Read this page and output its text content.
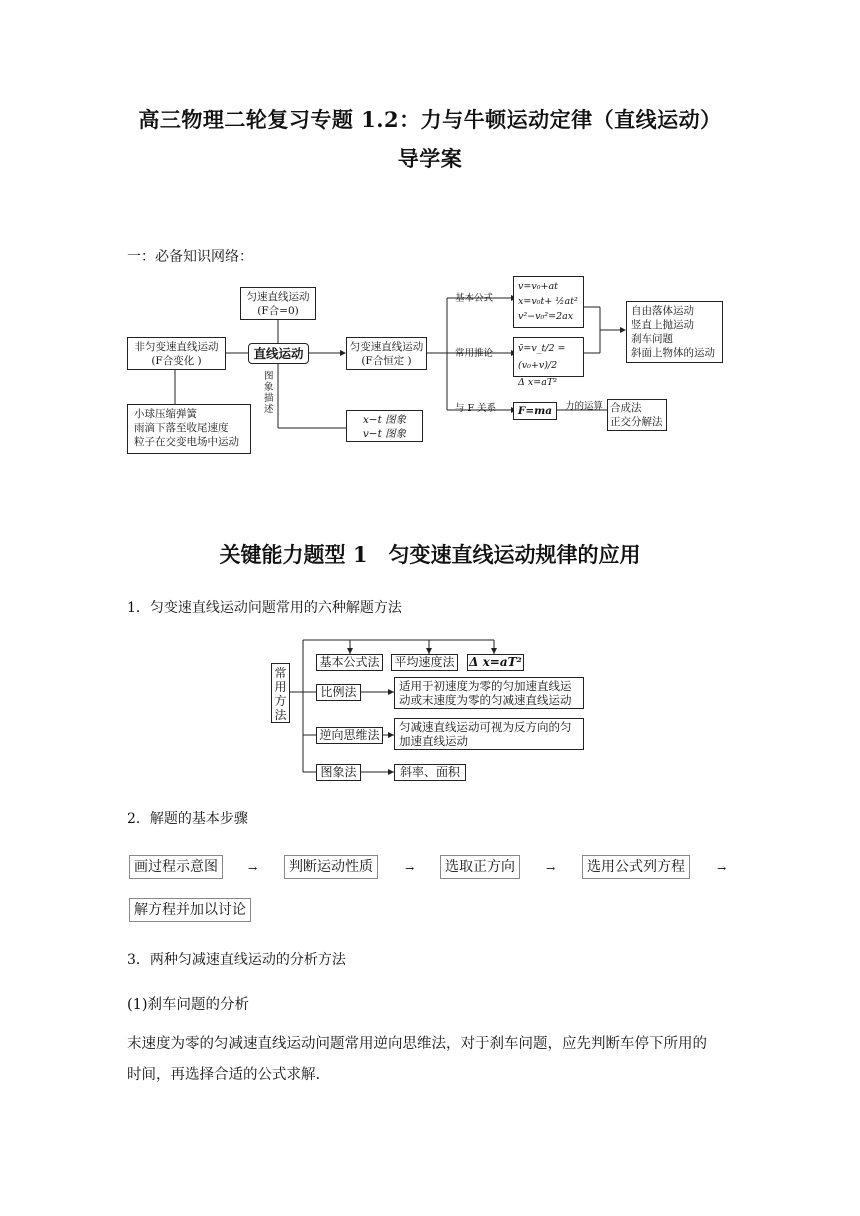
高三物理二轮复习专题 1.2：力与牛顿运动定律（直线运动）
导学案
一：必备知识网络：
匀速直线运动
(F合=0)
非匀变速直线运动
(F合变化 )	直线运动	匀变速直线运动
(F合恒定 )
小球压缩弹簧
雨滴下落至收尾速度
粒子在交变电场中运动
图
象
描
述
x−t 图象
v−t 图象
基本公式
v=v₀+at
x=v₀t+ ½at²
v²−v₀²=2ax
常用推论	v̄=v_t/2 = (v₀+v)/2
Δ x=aT²
与 F 关系	F=ma	力的运算 合成法
正交分解法
自由落体运动
竖直上抛运动
刹车问题
斜面上物体的运动
关键能力题型 1　匀变速直线运动规律的应用
1．匀变速直线运动问题常用的六种解题方法
常
用
方
法
基本公式法 平均速度法 Δ x=aT²
比例法	适用于初速度为零的匀加速直线运
动或末速度为零的匀减速直线运动
逆向思维法
匀减速直线运动可视为反方向的匀
加速直线运动
图象法	斜率、面积
2．解题的基本步骤
画过程示意图	→	判断运动性质	→	选取正方向	→	选用公式列方程	→
解方程并加以讨论
3．两种匀减速直线运动的分析方法
(1)刹车问题的分析
末速度为零的匀减速直线运动问题常用逆向思维法，对于刹车问题，应先判断车停下所用的
时间，再选择合适的公式求解.
